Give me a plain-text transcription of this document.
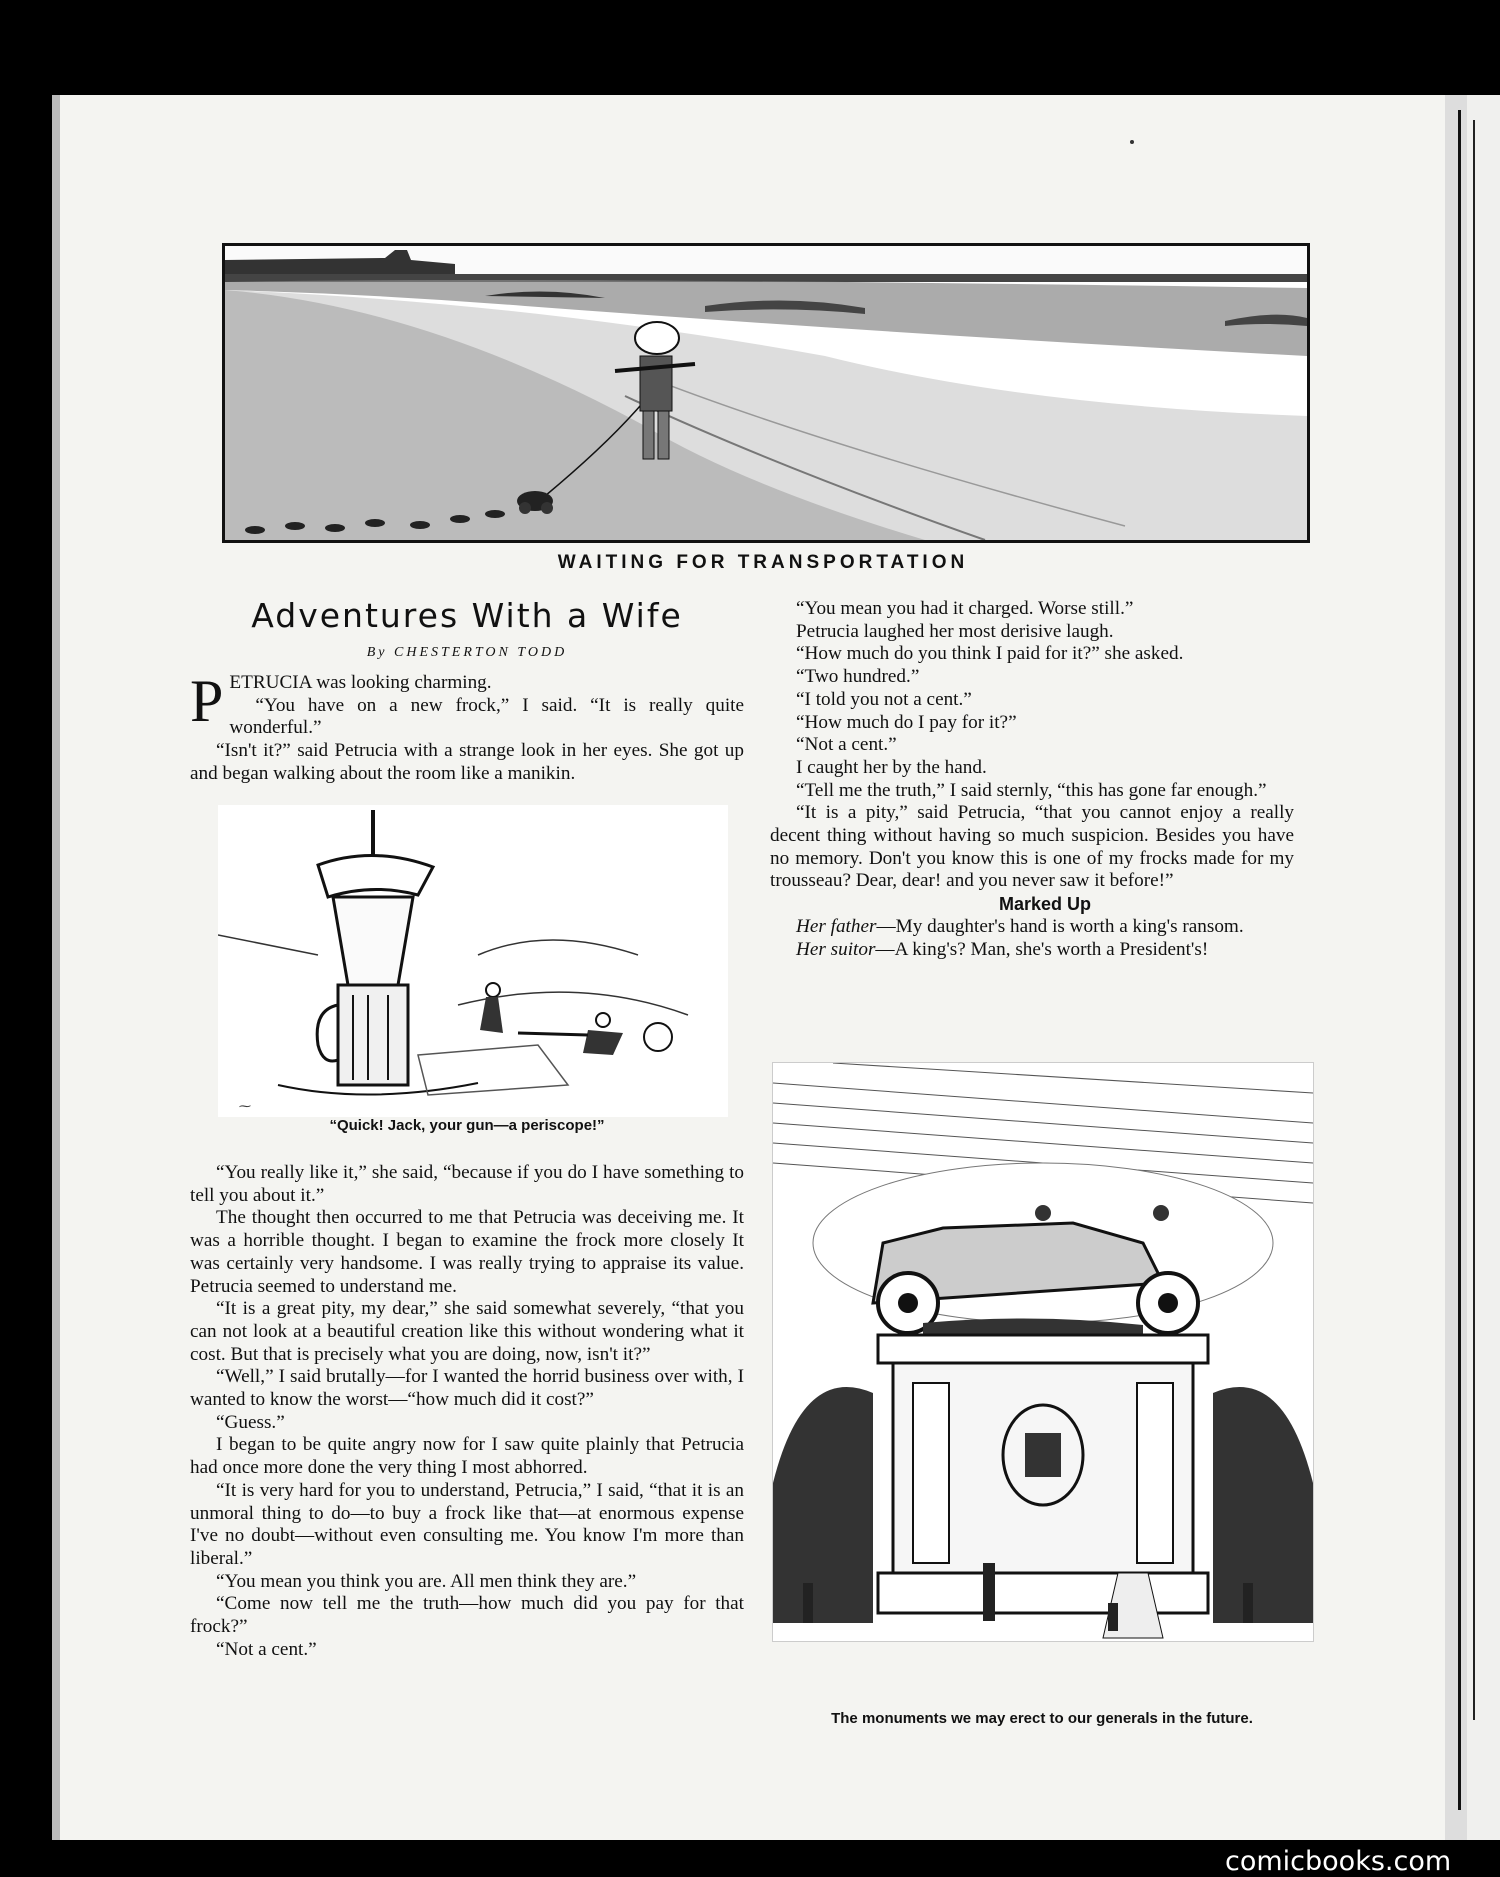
WAITING FOR TRANSPORTATION
Adventures With a Wife
By CHESTERTON TODD

PETRUCIA was looking charming.

“You have on a new frock,” I said. “It is really quite wonderful.”

“Isn't it?” said Petrucia with a strange look in her eyes. She got up and began walking about the room like a manikin.

⁓
“Quick! Jack, your gun—a periscope!”

“You really like it,” she said, “because if you do I have something to tell you about it.”

The thought then occurred to me that Petrucia was deceiving me. It was a horrible thought. I began to examine the frock more closely It was certainly very handsome. I was really trying to appraise its value. Petrucia seemed to understand me.

“It is a great pity, my dear,” she said somewhat severely, “that you can not look at a beautiful creation like this without wondering what it cost. But that is precisely what you are doing, now, isn't it?”

“Well,” I said brutally—for I wanted the horrid business over with, I wanted to know the worst—“how much did it cost?”

“Guess.”

I began to be quite angry now for I saw quite plainly that Petrucia had once more done the very thing I most abhorred.

“It is very hard for you to understand, Petrucia,” I said, “that it is an unmoral thing to do—to buy a frock like that—at enormous expense I've no doubt—without even consulting me. You know I'm more than liberal.”

“You mean you think you are. All men think they are.”

“Come now tell me the truth—how much did you pay for that frock?”

“Not a cent.”

“You mean you had it charged. Worse still.”

Petrucia laughed her most derisive laugh.

“How much do you think I paid for it?” she asked.

“Two hundred.”

“I told you not a cent.”

“How much do I pay for it?”

“Not a cent.”

I caught her by the hand.

“Tell me the truth,” I said sternly, “this has gone far enough.”

“It is a pity,” said Petrucia, “that you cannot enjoy a really decent thing without having so much suspicion. Besides you have no memory. Don't you know this is one of my frocks made for my trousseau? Dear, dear! and you never saw it before!”

Marked Up

Her father—My daughter's hand is worth a king's ransom.

Her suitor—A king's? Man, she's worth a President's!

The monuments we may erect to our generals in the future.
comicbooks.com
